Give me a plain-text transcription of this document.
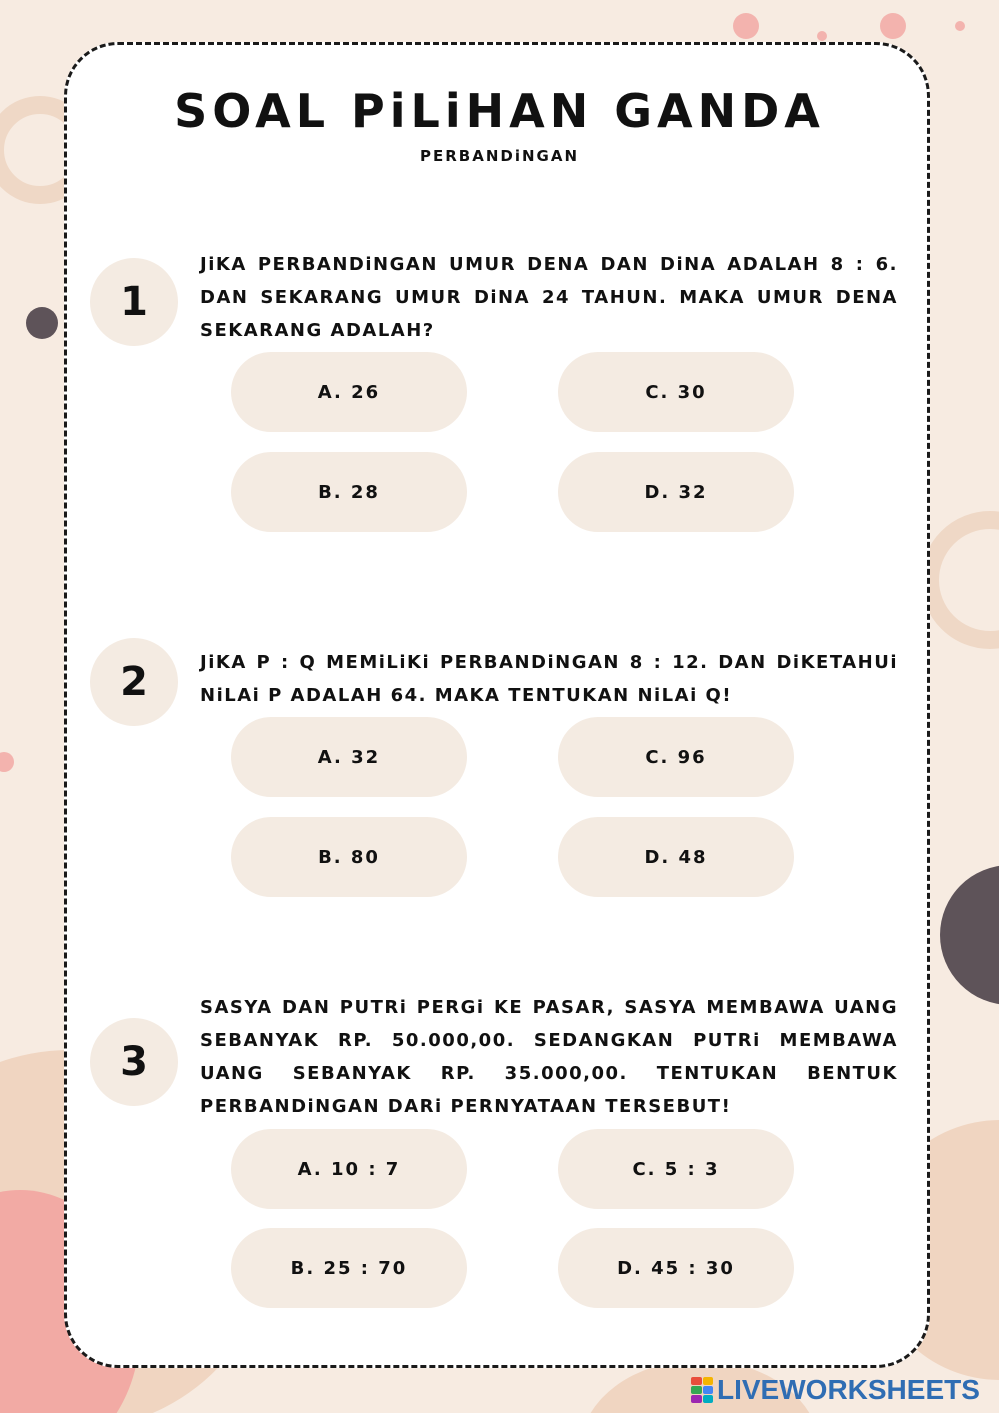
SOAL PiLiHAN GANDA
PERBANDiNGAN
1

JiKA PERBANDiNGAN UMUR DENA DAN DiNA ADALAH 8 : 6. DAN SEKARANG UMUR DiNA 24 TAHUN. MAKA UMUR DENA SEKARANG ADALAH?

A. 26	C. 30
B. 28	D. 32
2	JiKA P : Q MEMiLiKi PERBANDiNGAN 8 : 12. DAN DiKETAHUi NiLAi P ADALAH 64. MAKA TENTUKAN NiLAi Q!

A. 32	C. 96
B. 80	D. 48
3

SASYA DAN PUTRi PERGi KE PASAR, SASYA MEMBAWA UANG SEBANYAK RP. 50.000,00. SEDANGKAN PUTRi MEMBAWA UANG SEBANYAK RP. 35.000,00. TENTUKAN BENTUK PERBANDiNGAN DARi PERNYATAAN TERSEBUT!

A. 10 : 7	C. 5 : 3
B. 25 : 70	D. 45 : 30
LIVEWORKSHEETS
